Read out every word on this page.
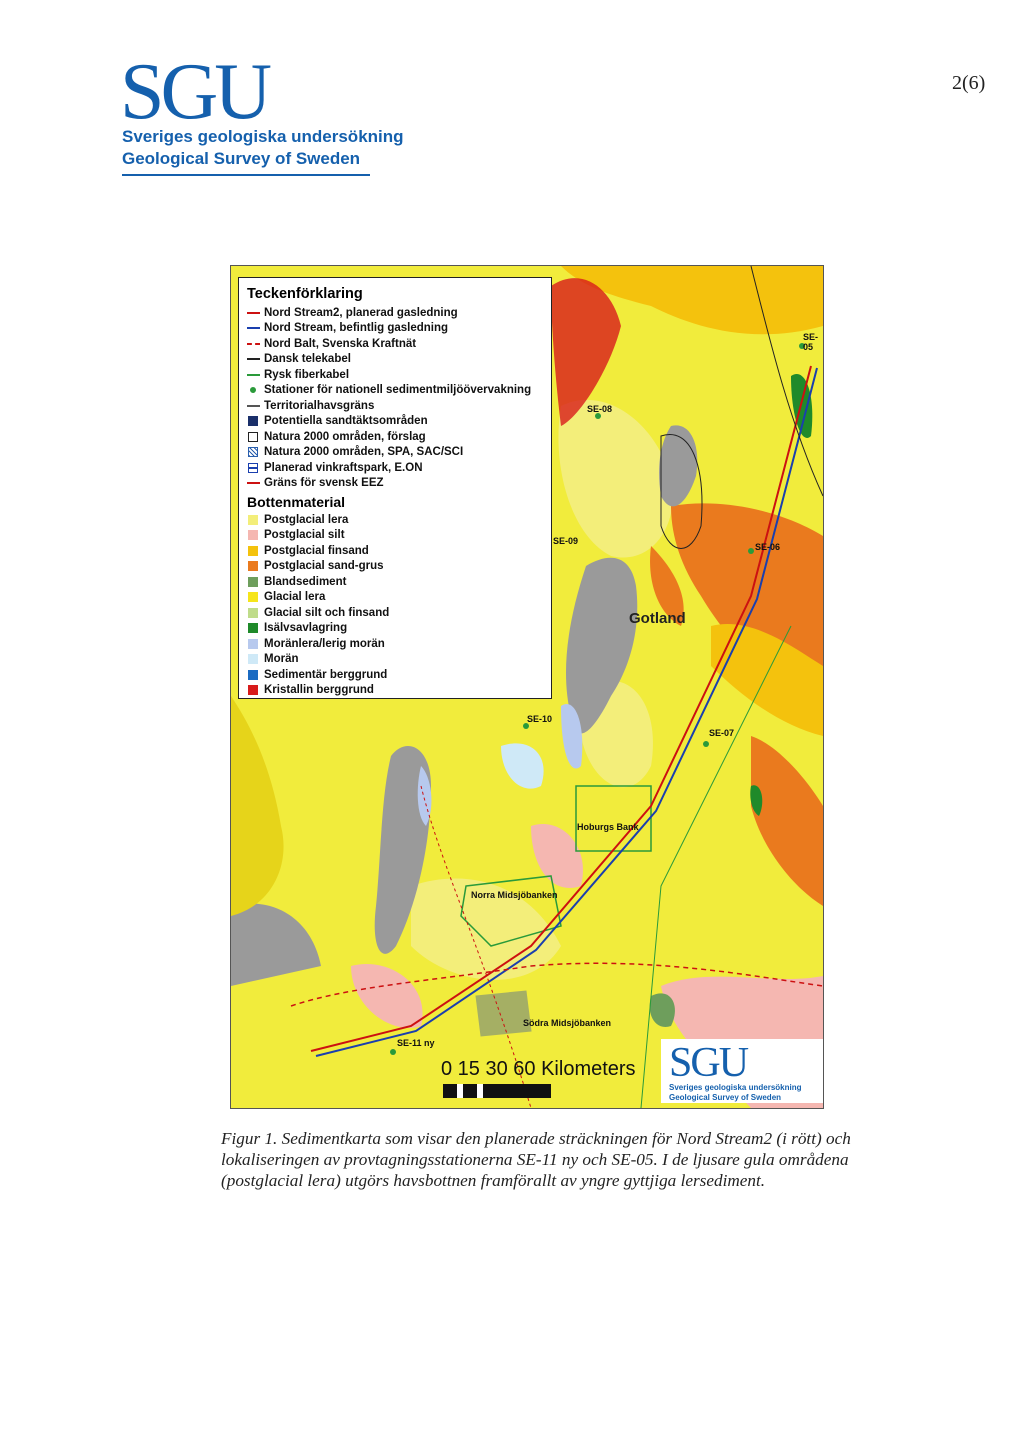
SGU
Sveriges geologiska undersökning
Geological Survey of Sweden
2(6)
Teckenförklaring
Nord Stream2, planerad gasledning
Nord Stream, befintlig gasledning
Nord Balt, Svenska Kraftnät
Dansk telekabel
Rysk fiberkabel
Stationer för nationell sedimentmiljöövervakning
Territorialhavsgräns
Potentiella sandtäktsområden
Natura 2000 områden, förslag
Natura 2000 områden, SPA, SAC/SCI
Planerad vinkraftspark, E.ON
Gräns för svensk EEZ
Bottenmaterial
Postglacial lera
Postglacial silt
Postglacial finsand
Postglacial sand-grus
Blandsediment
Glacial lera
Glacial silt och finsand
Isälvsavlagring
Moränlera/lerig morän
Morän
Sedimentär berggrund
Kristallin berggrund
Gotland
SE-05
SE-08
SE-09
SE-06
SE-10
SE-07
Hoburgs Bank
Norra Midsjöbanken
Södra Midsjöbanken
SE-11 ny
0 15 30 60 Kilometers SGU
Sveriges geologiska undersökning
Geological Survey of Sweden
Figur 1. Sedimentkarta som visar den planerade sträckningen för Nord Stream2 (i rött) och lokaliseringen av provtagningsstationerna SE-11 ny och SE-05. I de ljusare gula områdena (postglacial lera) utgörs havsbottnen framförallt av yngre gyttjiga lersediment.
